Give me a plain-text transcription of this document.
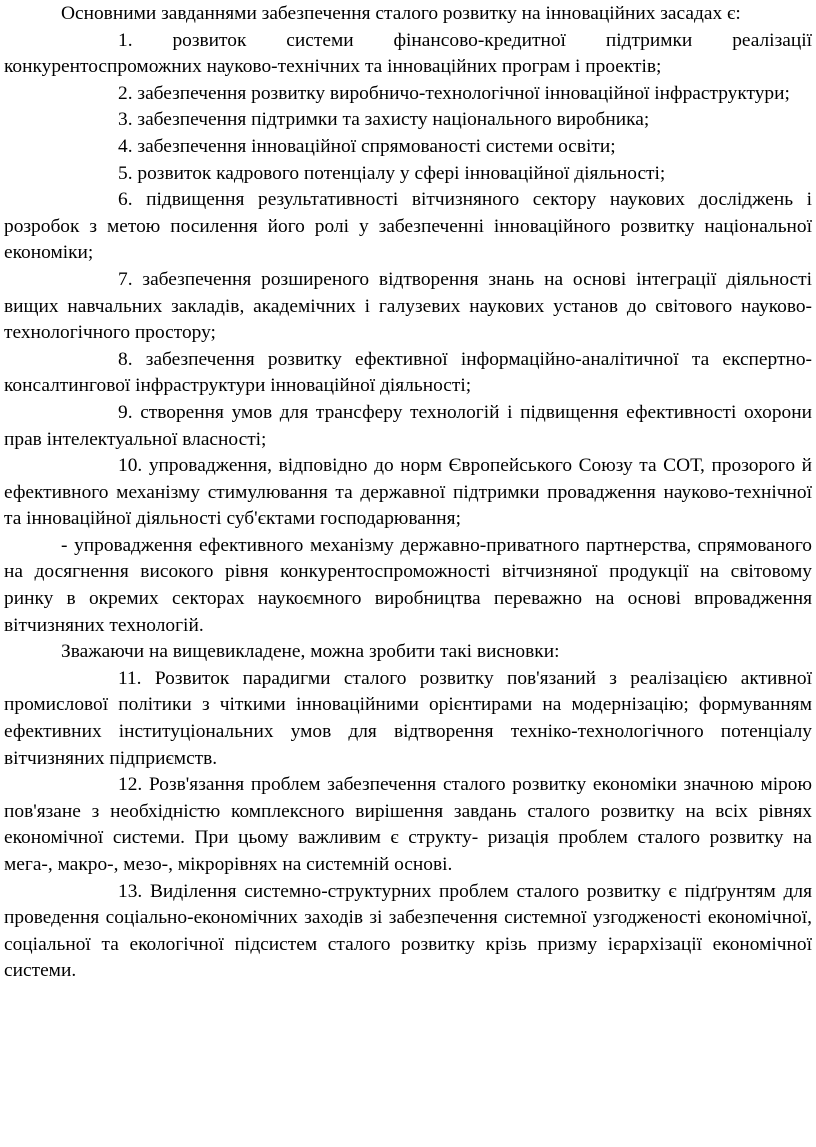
Основними завданнями забезпечення сталого розвитку на інноваційних засадах є:

1. розвиток системи фінансово-кредитної підтримки реалізації конкурентоспроможних науково-технічних та інноваційних програм і проектів;

2. забезпечення розвитку виробничо-технологічної інноваційної інфраструктури;

3. забезпечення підтримки та захисту національного виробника;

4. забезпечення інноваційної спрямованості системи освіти;

5. розвиток кадрового потенціалу у сфері інноваційної діяльності;

6. підвищення результативності вітчизняного сектору наукових досліджень і розробок з метою посилення його ролі у забезпеченні інноваційного розвитку національної економіки;

7. забезпечення розширеного відтворення знань на основі інтеграції діяльності вищих навчальних закладів, академічних і галузевих наукових установ до світового науково-технологічного простору;

8. забезпечення розвитку ефективної інформаційно-аналітичної та експертно-консалтингової інфраструктури інноваційної діяльності;

9. створення умов для трансферу технологій і підвищення ефективності охорони прав інтелектуальної власності;

10. упровадження, відповідно до норм Європейського Союзу та СОТ, прозорого й ефективного механізму стимулювання та державної підтримки провадження науково-технічної та інноваційної діяльності суб'єктами господарювання;

- упровадження ефективного механізму державно-приватного партнерства, спрямованого на досягнення високого рівня конкурентоспроможності вітчизняної продукції на світовому ринку в окремих секторах наукоємного виробництва переважно на основі впровадження вітчизняних технологій.

Зважаючи на вищевикладене, можна зробити такі висновки:

11. Розвиток парадигми сталого розвитку пов'язаний з реалізацією активної промислової політики з чіткими інноваційними орієнтирами на модернізацію; формуванням ефективних інституціональних умов для відтворення техніко-технологічного потенціалу вітчизняних підприємств.

12. Розв'язання проблем забезпечення сталого розвитку економіки значною мірою пов'язане з необхідністю комплексного вирішення завдань сталого розвитку на всіх рівнях економічної системи. При цьому важливим є структу- ризація проблем сталого розвитку на мега-, макро-, мезо-, мікрорівнях на системній основі.

13. Виділення системно-структурних проблем сталого розвитку є підґрунтям для проведення соціально-економічних заходів зі забезпечення системної узгодженості економічної, соціальної та екологічної підсистем сталого розвитку крізь призму ієрархізації економічної системи.
